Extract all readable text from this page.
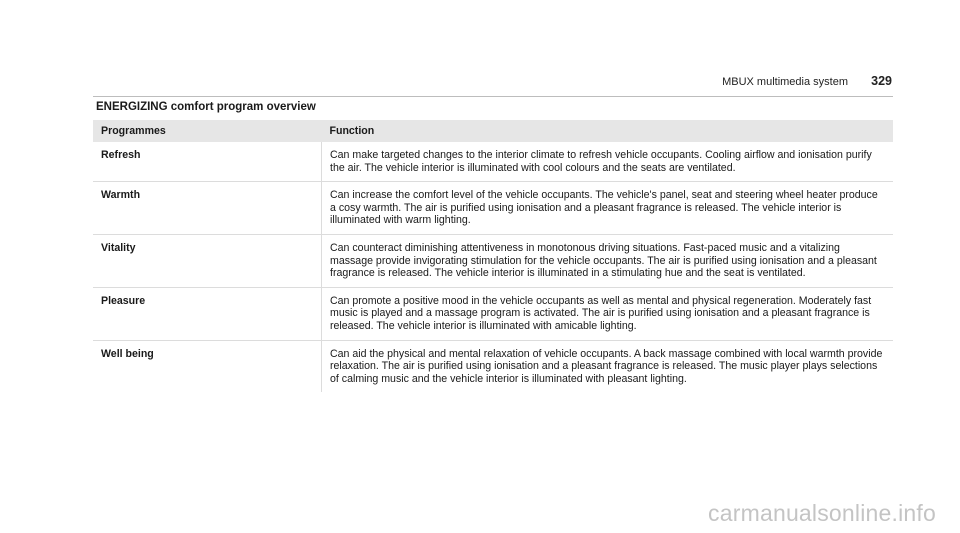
MBUX multimedia system 329
ENERGIZING comfort program overview
Programmes	Function
Refresh	Can make targeted changes to the interior climate to refresh vehicle occupants. Cooling airflow and ionisation purify the air. The vehicle interior is illuminated with cool colours and the seats are ventilated.
Warmth	Can increase the comfort level of the vehicle occupants. The vehicle's panel, seat and steering wheel heater produce a cosy warmth. The air is purified using ionisation and a pleasant fragrance is released. The vehicle interior is illuminated with warm lighting.
Vitality	Can counteract diminishing attentiveness in monotonous driving situations. Fast-paced music and a vitalizing massage provide invigorating stimulation for the vehicle occupants. The air is purified using ionisation and a pleasant fragrance is released. The vehicle interior is illuminated in a stimulating hue and the seat is ventilated.
Pleasure	Can promote a positive mood in the vehicle occupants as well as mental and physical regeneration. Moderately fast music is played and a massage program is activated. The air is purified using ionisation and a pleasant fragrance is released. The vehicle interior is illuminated with amicable lighting.
Well being	Can aid the physical and mental relaxation of vehicle occupants. A back massage combined with local warmth provide relaxation. The air is purified using ionisation and a pleasant fragrance is released. The music player plays selections of calming music and the vehicle interior is illuminated with pleasant lighting.
carmanualsonline.info
